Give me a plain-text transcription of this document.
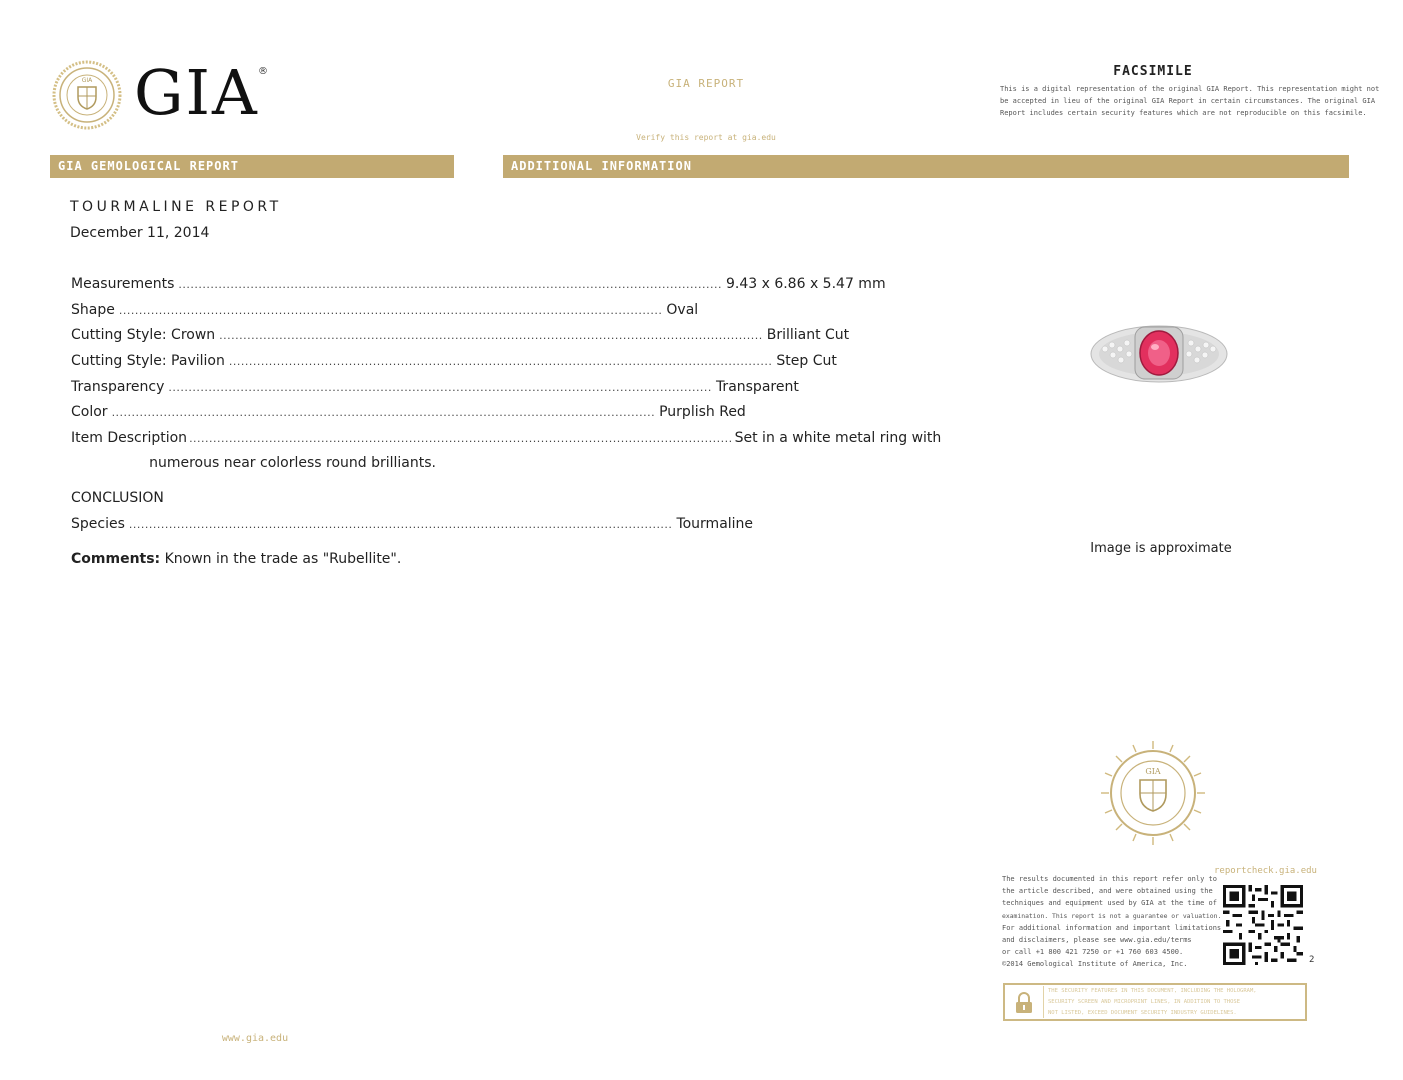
GIA GIA ®
GIA REPORT
Verify this report at gia.edu
FACSIMILE
This is a digital representation of the original GIA Report. This representation might not
be accepted in lieu of the original GIA Report in certain circumstances. The original GIA
Report includes certain security features which are not reproducible on this facsimile.
GIA GEMOLOGICAL REPORT	ADDITIONAL INFORMATION
TOURMALINE REPORT
December 11, 2014
Measurements ........................................................................................................................................ 9.43 x 6.86 x 5.47 mm
Shape ........................................................................................................................................ Oval
Cutting Style: Crown ........................................................................................................................................ Brilliant Cut
Cutting Style: Pavilion ........................................................................................................................................ Step Cut
Transparency ........................................................................................................................................ Transparent
Color ........................................................................................................................................ Purplish Red
Item Description ........................................................................................................................................ Set in a white metal ring with
numerous near colorless round brilliants.
CONCLUSION
Species ........................................................................................................................................ Tourmaline
Comments: Known in the trade as "Rubellite".
www.gia.edu
Image is approximate
GIA
The results documented in this report refer only to
the article described, and were obtained using the
techniques and equipment used by GIA at the time of
examination. This report is not a guarantee or valuation.
For additional information and important limitations
and disclaimers, please see www.gia.edu/terms
or call +1 800 421 7250 or +1 760 603 4500.
©2014 Gemological Institute of America, Inc.
reportcheck.gia.edu
2
THE SECURITY FEATURES IN THIS DOCUMENT, INCLUDING THE HOLOGRAM,
SECURITY SCREEN AND MICROPRINT LINES, IN ADDITION TO THOSE
NOT LISTED, EXCEED DOCUMENT SECURITY INDUSTRY GUIDELINES.
